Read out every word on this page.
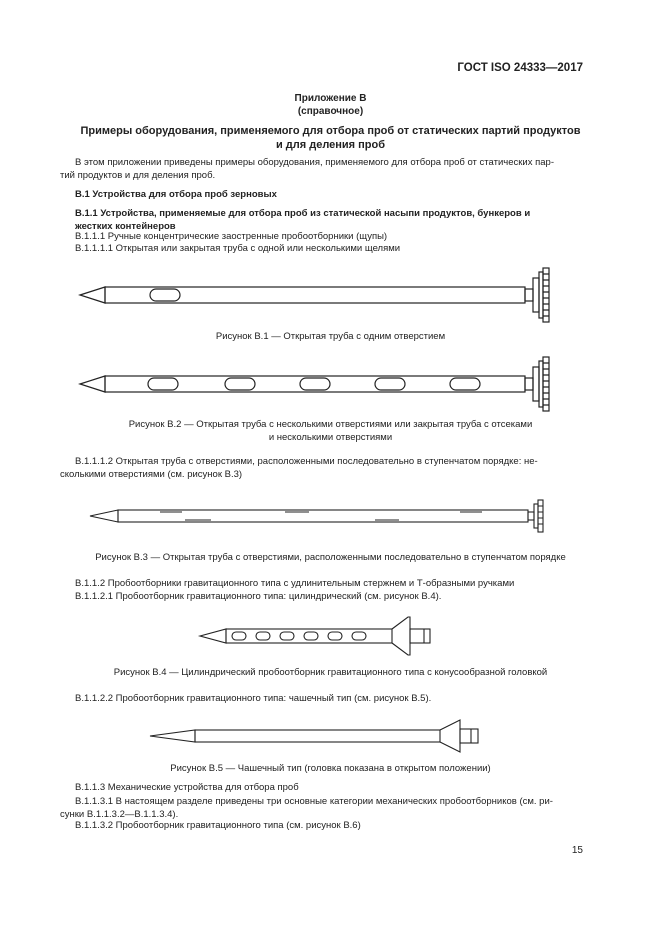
ГОСТ ISO 24333—2017
Приложение В
(справочное)
Примеры оборудования, применяемого для отбора проб от статических партий продуктов
и для деления проб
В этом приложении приведены примеры оборудования, применяемого для отбора проб от статических пар-
тий продуктов и для деления проб.
В.1 Устройства для отбора проб зерновых
В.1.1 Устройства, применяемые для отбора проб из статической насыпи продуктов, бункеров и
жестких контейнеров
В.1.1.1 Ручные концентрические заостренные пробоотборники (щупы)
В.1.1.1.1 Открытая или закрытая труба с одной или несколькими щелями
Рисунок В.1 — Открытая труба с одним отверстием
Рисунок В.2 — Открытая труба с несколькими отверстиями или закрытая труба с отсеками
и несколькими отверстиями
В.1.1.1.2 Открытая труба с отверстиями, расположенными последовательно в ступенчатом порядке: не-
сколькими отверстиями (см. рисунок В.3)
Рисунок В.3 — Открытая труба с отверстиями, расположенными последовательно в ступенчатом порядке
В.1.1.2 Пробоотборники гравитационного типа с удлинительным стержнем и Т-образными ручками
В.1.1.2.1 Пробоотборник гравитационного типа: цилиндрический (см. рисунок В.4).
Рисунок В.4 — Цилиндрический пробоотборник гравитационного типа с конусообразной головкой
В.1.1.2.2 Пробоотборник гравитационного типа: чашечный тип (см. рисунок В.5).
Рисунок В.5 — Чашечный тип (головка показана в открытом положении)
В.1.1.3 Механические устройства для отбора проб
В.1.1.3.1 В настоящем разделе приведены три основные категории механических пробоотборников (см. ри-
сунки В.1.1.3.2—В.1.1.3.4).
В.1.1.3.2 Пробоотборник гравитационного типа (см. рисунок В.6)
15
